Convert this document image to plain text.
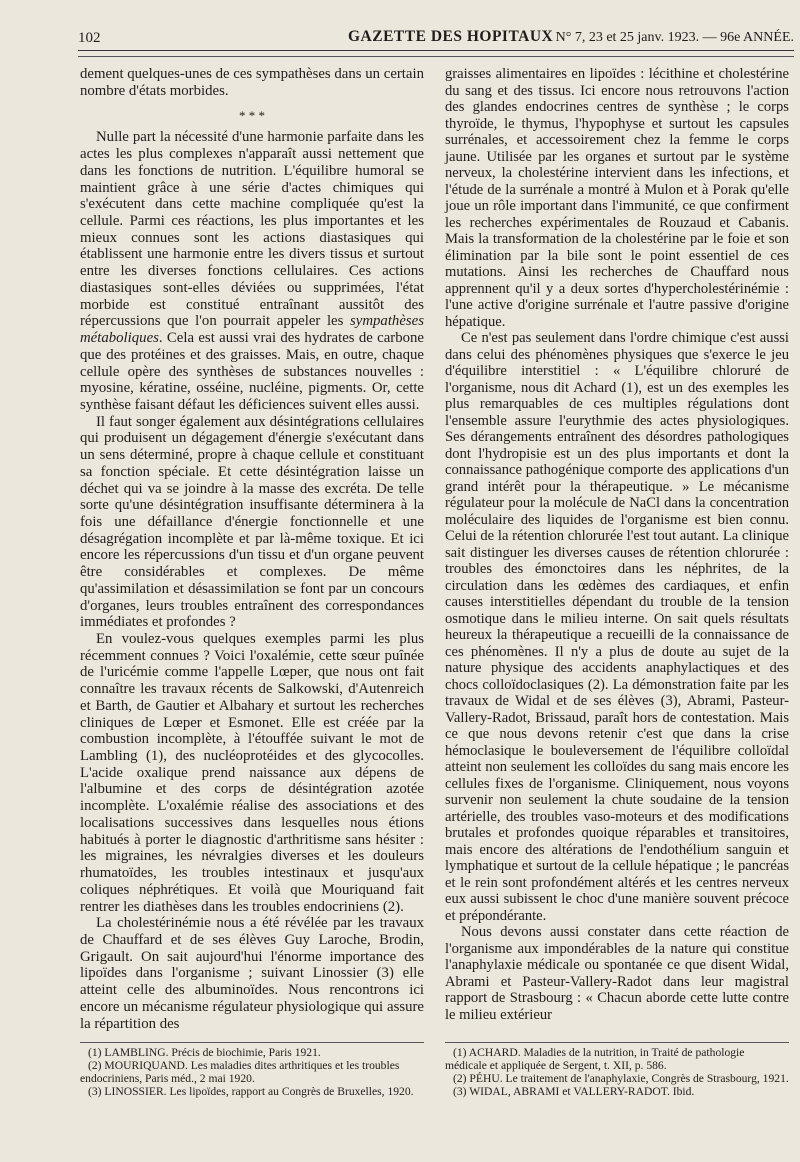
102	GAZETTE DES HOPITAUX N° 7, 23 et 25 janv. 1923. — 96e ANNÉE.

dement quelques-unes de ces sympathèses dans un certain nombre d'états morbides.

* * *

Nulle part la nécessité d'une harmonie parfaite dans les actes les plus complexes n'apparaît aussi nettement que dans les fonctions de nutrition. L'équilibre humoral se maintient grâce à une série d'actes chimiques qui s'exécutent dans cette machine compliquée qu'est la cellule. Parmi ces réactions, les plus importantes et les mieux connues sont les actions diastasiques qui établissent une harmonie entre les divers tissus et surtout entre les diverses fonctions cellulaires. Ces actions diastasiques sont-elles déviées ou supprimées, l'état morbide est constitué entraînant aussitôt des répercussions que l'on pourrait appeler les sympathèses métaboliques. Cela est aussi vrai des hydrates de carbone que des protéines et des graisses. Mais, en outre, chaque cellule opère des synthèses de substances nouvelles : myosine, kératine, osséine, nucléine, pigments. Or, cette synthèse faisant défaut les déficiences suivent elles aussi.

Il faut songer également aux désintégrations cellulaires qui produisent un dégagement d'énergie s'exécutant dans un sens déterminé, propre à chaque cellule et constituant sa fonction spéciale. Et cette désintégration laisse un déchet qui va se joindre à la masse des excréta. De telle sorte qu'une désintégration insuffisante déterminera à la fois une défaillance d'énergie fonctionnelle et une désagrégation incomplète et par là-même toxique. Et ici encore les répercussions d'un tissu et d'un organe peuvent être considérables et complexes. De même qu'assimilation et désassimilation se font par un concours d'organes, leurs troubles entraînent des correspondances immédiates et profondes ?

En voulez-vous quelques exemples parmi les plus récemment connues ? Voici l'oxalémie, cette sœur puînée de l'uricémie comme l'appelle Lœper, que nous ont fait connaître les travaux récents de Salkowski, d'Autenreich et Barth, de Gautier et Albahary et surtout les recherches cliniques de Lœper et Esmonet. Elle est créée par la combustion incomplète, à l'étouffée suivant le mot de Lambling (1), des nucléoprotéides et des glycocolles. L'acide oxalique prend naissance aux dépens de l'albumine et des corps de désintégration azotée incomplète. L'oxalémie réalise des associations et des localisations successives dans lesquelles nous étions habitués à porter le diagnostic d'arthritisme sans hésiter : les migraines, les névralgies diverses et les douleurs rhumatoïdes, les troubles intestinaux et jusqu'aux coliques néphrétiques. Et voilà que Mouriquand fait rentrer les diathèses dans les troubles endocriniens (2).

La cholestérinémie nous a été révélée par les travaux de Chauffard et de ses élèves Guy Laroche, Brodin, Grigault. On sait aujourd'hui l'énorme importance des lipoïdes dans l'organisme ; suivant Linossier (3) elle atteint celle des albuminoïdes. Nous rencontrons ici encore un mécanisme régulateur physiologique qui assure la répartition des

graisses alimentaires en lipoïdes : lécithine et cholestérine du sang et des tissus. Ici encore nous retrouvons l'action des glandes endocrines centres de synthèse ; le corps thyroïde, le thymus, l'hypophyse et surtout les capsules surrénales, et accessoirement chez la femme le corps jaune. Utilisée par les organes et surtout par le système nerveux, la cholestérine intervient dans les infections, et l'étude de la surrénale a montré à Mulon et à Porak qu'elle joue un rôle important dans l'immunité, ce que confirment les recherches expérimentales de Rouzaud et Cabanis. Mais la transformation de la cholestérine par le foie et son élimination par la bile sont le point essentiel de ces mutations. Ainsi les recherches de Chauffard nous apprennent qu'il y a deux sortes d'hypercholestérinémie : l'une active d'origine surrénale et l'autre passive d'origine hépatique.

Ce n'est pas seulement dans l'ordre chimique c'est aussi dans celui des phénomènes physiques que s'exerce le jeu d'équilibre interstitiel : « L'équilibre chloruré de l'organisme, nous dit Achard (1), est un des exemples les plus remarquables de ces multiples régulations dont l'ensemble assure l'eurythmie des actes physiologiques. Ses dérangements entraînent des désordres pathologiques dont l'hydropisie est un des plus importants et dont la connaissance pathogénique comporte des applications d'un grand intérêt pour la thérapeutique. » Le mécanisme régulateur pour la molécule de NaCl dans la concentration moléculaire des liquides de l'organisme est bien connu. Celui de la rétention chlorurée l'est tout autant. La clinique sait distinguer les diverses causes de rétention chlorurée : troubles des émonctoires dans les néphrites, de la circulation dans les œdèmes des cardiaques, et enfin causes interstitielles dépendant du trouble de la tension osmotique dans le milieu interne. On sait quels résultats heureux la thérapeutique a recueilli de la connaissance de ces phénomènes. Il n'y a plus de doute au sujet de la nature physique des accidents anaphylactiques et des chocs colloïdoclasiques (2). La démonstration faite par les travaux de Widal et de ses élèves (3), Abrami, Pasteur-Vallery-Radot, Brissaud, paraît hors de contestation. Mais ce que nous devons retenir c'est que dans la crise hémoclasique le bouleversement de l'équilibre colloïdal atteint non seulement les colloïdes du sang mais encore les cellules fixes de l'organisme. Cliniquement, nous voyons survenir non seulement la chute soudaine de la tension artérielle, des troubles vaso-moteurs et des modifications brutales et profondes quoique réparables et transitoires, mais encore des altérations de l'endothélium sanguin et lymphatique et surtout de la cellule hépatique ; le pancréas et le rein sont profondément altérés et les centres nerveux eux aussi subissent le choc d'une manière souvent précoce et prépondérante.

Nous devons aussi constater dans cette réaction de l'organisme aux impondérables de la nature qui constitue l'anaphylaxie médicale ou spontanée ce que disent Widal, Abrami et Pasteur-Vallery-Radot dans leur magistral rapport de Strasbourg : « Chacun aborde cette lutte contre le milieu extérieur

(1) LAMBLING. Précis de biochimie, Paris 1921.
(2) MOURIQUAND. Les maladies dites arthritiques et les troubles endocriniens, Paris méd., 2 mai 1920.
(3) LINOSSIER. Les lipoïdes, rapport au Congrès de Bruxelles, 1920.
(1) ACHARD. Maladies de la nutrition, in Traité de pathologie médicale et appliquée de Sergent, t. XII, p. 586.
(2) PÉHU. Le traitement de l'anaphylaxie, Congrès de Strasbourg, 1921.
(3) WIDAL, ABRAMI et VALLERY-RADOT. Ibid.
